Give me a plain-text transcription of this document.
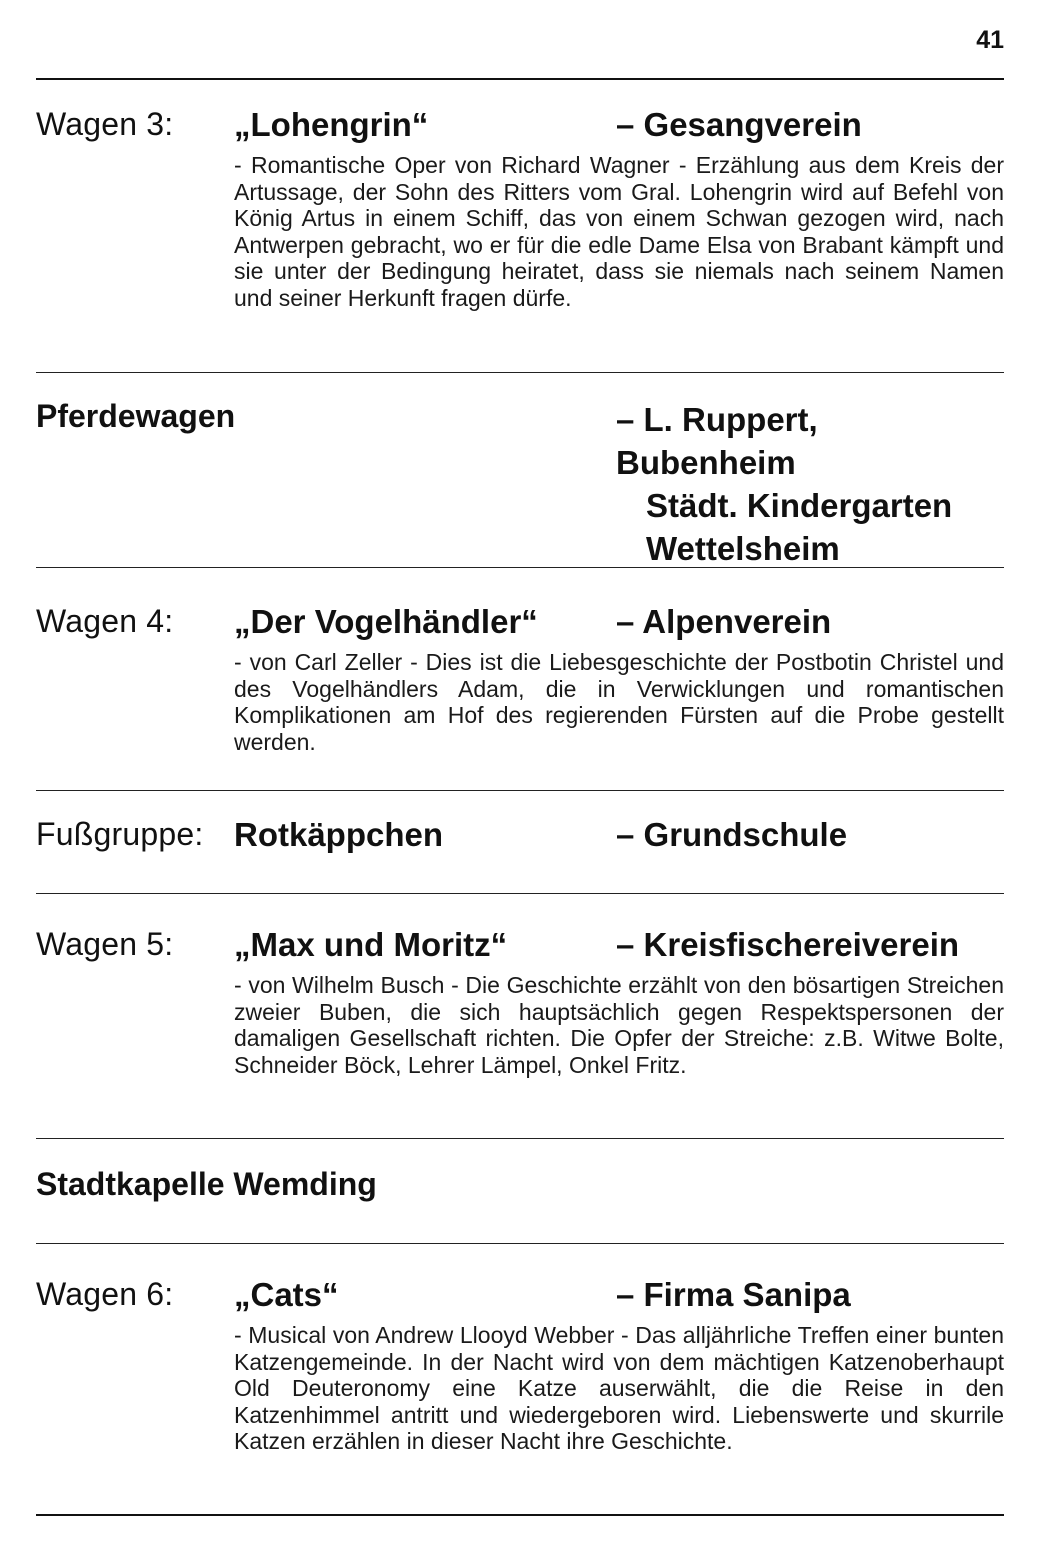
41
Wagen 3: „Lohengrin“	– Gesangverein
- Romantische Oper von Richard Wagner - Erzählung aus dem Kreis der Artussage, der Sohn des Ritters vom Gral. Lohengrin wird auf Befehl von König Artus in einem Schiff, das von einem Schwan gezogen wird, nach Antwerpen gebracht, wo er für die edle Dame Elsa von Brabant kämpft und sie unter der Bedingung heiratet, dass sie niemals nach seinem Namen und seiner Herkunft fragen dürfe.
Pferdewagen	– L. Ruppert, Bubenheim
Städt. Kindergarten
Wettelsheim
Wagen 4: „Der Vogelhändler“ – Alpenverein
- von Carl Zeller - Dies ist die Liebesgeschichte der Postbotin Christel und des Vogelhändlers Adam, die in Verwicklungen und romantischen Komplikationen am Hof des regierenden Fürsten auf die Probe gestellt werden.
Fußgruppe: Rotkäppchen	– Grundschule
Wagen 5: „Max und Moritz“	– Kreisfischereiverein
- von Wilhelm Busch - Die Geschichte erzählt von den bösartigen Streichen zweier Buben, die sich hauptsächlich gegen Respektspersonen der damaligen Gesellschaft richten. Die Opfer der Streiche: z.B. Witwe Bolte, Schneider Böck, Lehrer Lämpel, Onkel Fritz.
Stadtkapelle Wemding
Wagen 6: „Cats“	– Firma Sanipa
- Musical von Andrew Llooyd Webber - Das alljährliche Treffen einer bunten Katzengemeinde. In der Nacht wird von dem mächtigen Katzenoberhaupt Old Deuteronomy eine Katze auserwählt, die die Reise in den Katzenhimmel antritt und wiedergeboren wird. Liebenswerte und skurrile Katzen erzählen in dieser Nacht ihre Geschichte.
